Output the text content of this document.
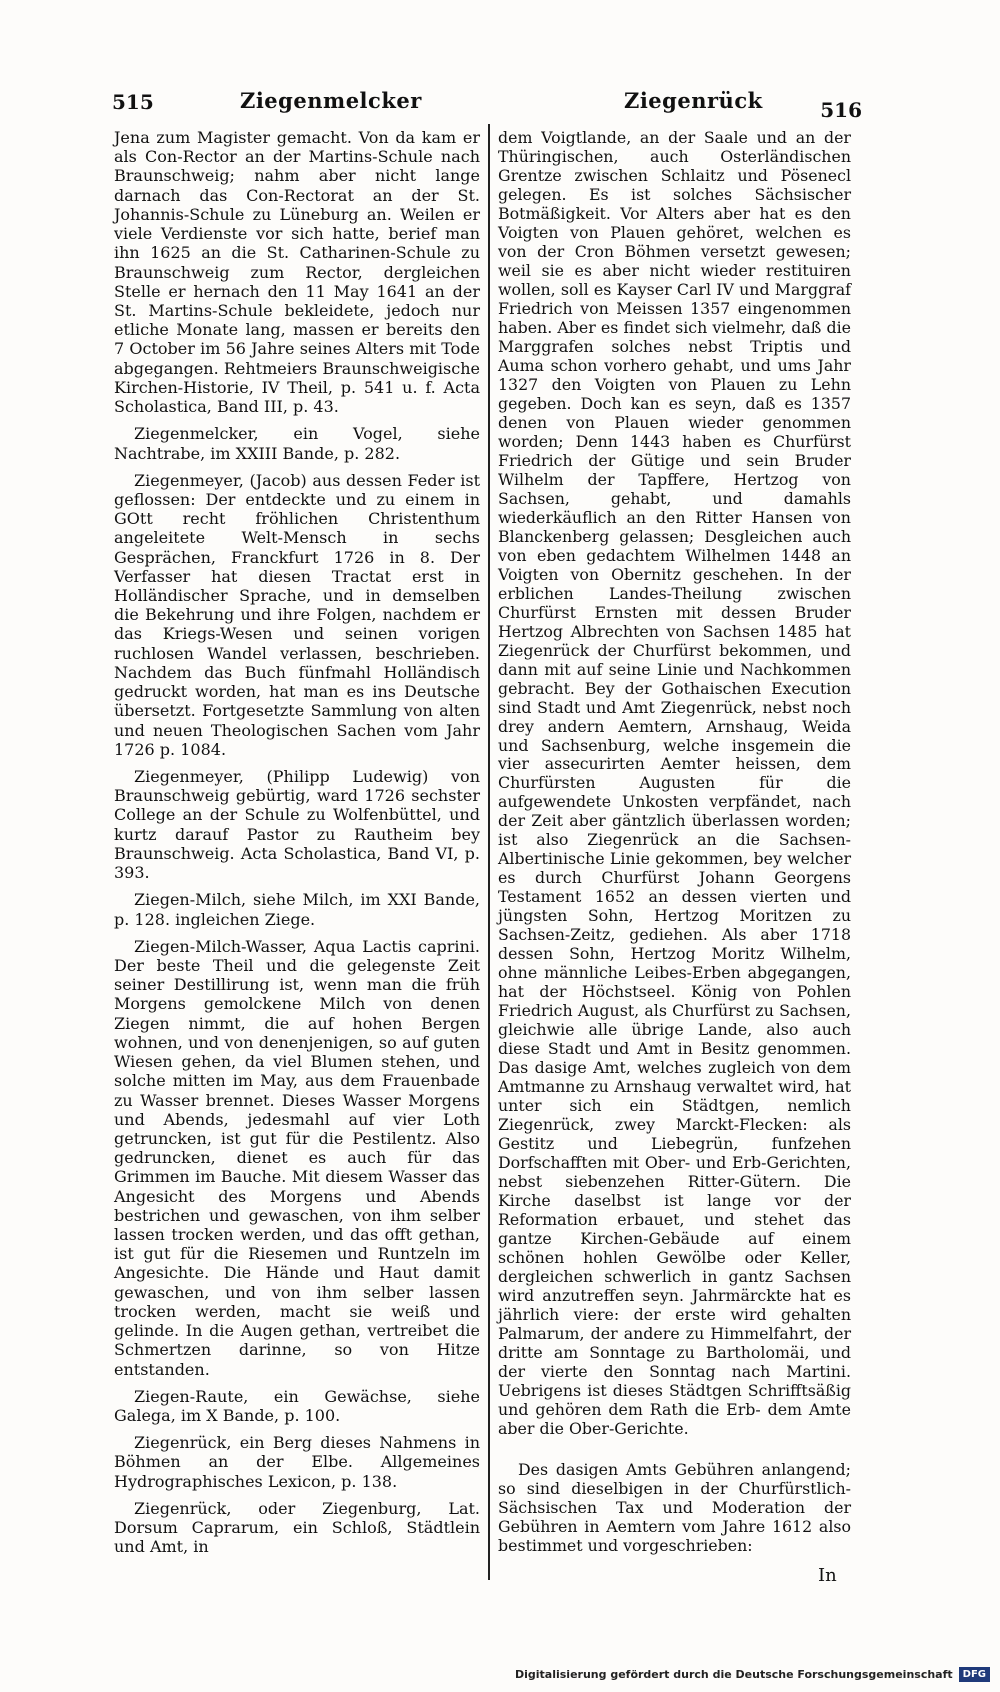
515	Ziegenmelcker	Ziegenrück	516

Jena zum Magister gemacht. Von da kam er als Con-Rector an der Martins-Schule nach Braunschweig; nahm aber nicht lange darnach das Con-Rectorat an der St. Johannis-Schule zu Lüneburg an. Weilen er viele Verdienste vor sich hatte, berief man ihn 1625 an die St. Catharinen-Schule zu Braunschweig zum Rector, dergleichen Stelle er hernach den 11 May 1641 an der St. Martins-Schule bekleidete, jedoch nur etliche Monate lang, massen er bereits den 7 October im 56 Jahre seines Alters mit Tode abgegangen. Rehtmeiers Braunschweigische Kirchen-Historie, IV Theil, p. 541 u. f. Acta Scholastica, Band III, p. 43.

Ziegenmelcker, ein Vogel, siehe Nachtrabe, im XXIII Bande, p. 282.

Ziegenmeyer, (Jacob) aus dessen Feder ist geflossen: Der entdeckte und zu einem in GOtt recht fröhlichen Christenthum angeleitete Welt-Mensch in sechs Gesprächen, Franckfurt 1726 in 8. Der Verfasser hat diesen Tractat erst in Holländischer Sprache, und in demselben die Bekehrung und ihre Folgen, nachdem er das Kriegs-Wesen und seinen vorigen ruchlosen Wandel verlassen, beschrieben. Nachdem das Buch fünfmahl Holländisch gedruckt worden, hat man es ins Deutsche übersetzt. Fortgesetzte Sammlung von alten und neuen Theologischen Sachen vom Jahr 1726 p. 1084.

Ziegenmeyer, (Philipp Ludewig) von Braunschweig gebürtig, ward 1726 sechster College an der Schule zu Wolfenbüttel, und kurtz darauf Pastor zu Rautheim bey Braunschweig. Acta Scholastica, Band VI, p. 393.

Ziegen-Milch, siehe Milch, im XXI Bande, p. 128. ingleichen Ziege.

Ziegen-Milch-Wasser, Aqua Lactis caprini. Der beste Theil und die gelegenste Zeit seiner Destillirung ist, wenn man die früh Morgens gemolckene Milch von denen Ziegen nimmt, die auf hohen Bergen wohnen, und von denenjenigen, so auf guten Wiesen gehen, da viel Blumen stehen, und solche mitten im May, aus dem Frauenbade zu Wasser brennet. Dieses Wasser Morgens und Abends, jedesmahl auf vier Loth getruncken, ist gut für die Pestilentz. Also gedruncken, dienet es auch für das Grimmen im Bauche. Mit diesem Wasser das Angesicht des Morgens und Abends bestrichen und gewaschen, von ihm selber lassen trocken werden, und das offt gethan, ist gut für die Riesemen und Runtzeln im Angesichte. Die Hände und Haut damit gewaschen, und von ihm selber lassen trocken werden, macht sie weiß und gelinde. In die Augen gethan, vertreibet die Schmertzen darinne, so von Hitze entstanden.

Ziegen-Raute, ein Gewächse, siehe Galega, im X Bande, p. 100.

Ziegenrück, ein Berg dieses Nahmens in Böhmen an der Elbe. Allgemeines Hydrographisches Lexicon, p. 138.

Ziegenrück, oder Ziegenburg, Lat. Dorsum Caprarum, ein Schloß, Städtlein und Amt, in

dem Voigtlande, an der Saale und an der Thüringischen, auch Osterländischen Grentze zwischen Schlaitz und Pösenecl gelegen. Es ist solches Sächsischer Botmäßigkeit. Vor Alters aber hat es den Voigten von Plauen gehöret, welchen es von der Cron Böhmen versetzt gewesen; weil sie es aber nicht wieder restituiren wollen, soll es Kayser Carl IV und Marggraf Friedrich von Meissen 1357 eingenommen haben. Aber es findet sich vielmehr, daß die Marggrafen solches nebst Triptis und Auma schon vorhero gehabt, und ums Jahr 1327 den Voigten von Plauen zu Lehn gegeben. Doch kan es seyn, daß es 1357 denen von Plauen wieder genommen worden; Denn 1443 haben es Churfürst Friedrich der Gütige und sein Bruder Wilhelm der Tapffere, Hertzog von Sachsen, gehabt, und damahls wiederkäuflich an den Ritter Hansen von Blanckenberg gelassen; Desgleichen auch von eben gedachtem Wilhelmen 1448 an Voigten von Obernitz geschehen. In der erblichen Landes-Theilung zwischen Churfürst Ernsten mit dessen Bruder Hertzog Albrechten von Sachsen 1485 hat Ziegenrück der Churfürst bekommen, und dann mit auf seine Linie und Nachkommen gebracht. Bey der Gothaischen Execution sind Stadt und Amt Ziegenrück, nebst noch drey andern Aemtern, Arnshaug, Weida und Sachsenburg, welche insgemein die vier assecurirten Aemter heissen, dem Churfürsten Augusten für die aufgewendete Unkosten verpfändet, nach der Zeit aber gäntzlich überlassen worden; ist also Ziegenrück an die Sachsen-Albertinische Linie gekommen, bey welcher es durch Churfürst Johann Georgens Testament 1652 an dessen vierten und jüngsten Sohn, Hertzog Moritzen zu Sachsen-Zeitz, gediehen. Als aber 1718 dessen Sohn, Hertzog Moritz Wilhelm, ohne männliche Leibes-Erben abgegangen, hat der Höchstseel. König von Pohlen Friedrich August, als Churfürst zu Sachsen, gleichwie alle übrige Lande, also auch diese Stadt und Amt in Besitz genommen. Das dasige Amt, welches zugleich von dem Amtmanne zu Arnshaug verwaltet wird, hat unter sich ein Städtgen, nemlich Ziegenrück, zwey Marckt-Flecken: als Gestitz und Liebegrün, funfzehen Dorfschafften mit Ober- und Erb-Gerichten, nebst siebenzehen Ritter-Gütern. Die Kirche daselbst ist lange vor der Reformation erbauet, und stehet das gantze Kirchen-Gebäude auf einem schönen hohlen Gewölbe oder Keller, dergleichen schwerlich in gantz Sachsen wird anzutreffen seyn. Jahrmärckte hat es jährlich viere: der erste wird gehalten Palmarum, der andere zu Himmelfahrt, der dritte am Sonntage zu Bartholomäi, und der vierte den Sonntag nach Martini. Uebrigens ist dieses Städtgen Schrifftsäßig und gehören dem Rath die Erb- dem Amte aber die Ober-Gerichte.

Des dasigen Amts Gebühren anlangend; so sind dieselbigen in der Churfürstlich-Sächsischen Tax und Moderation der Gebühren in Aemtern vom Jahre 1612 also bestimmet und vorgeschrieben:

In
Digitalisierung gefördert durch die Deutsche Forschungsgemeinschaft	DFG
